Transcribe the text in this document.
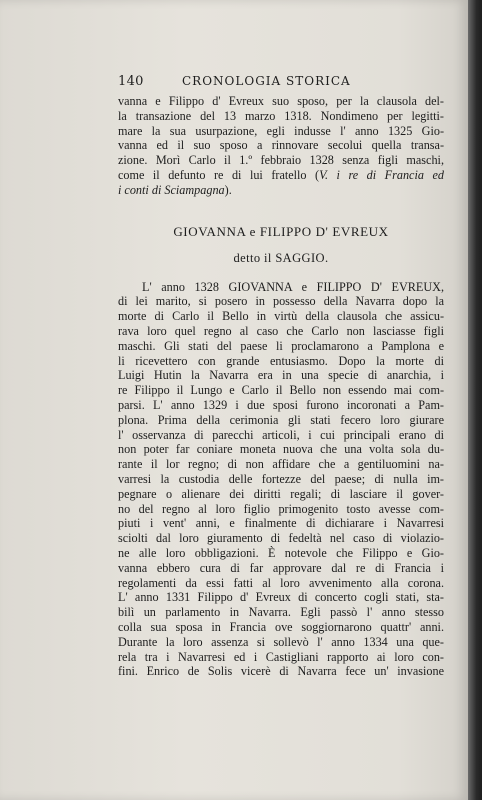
140	CRONOLOGIA STORICA
vanna e Filippo d' Evreux suo sposo, per la clausola del-
la transazione del 13 marzo 1318. Nondimeno per legitti-
mare la sua usurpazione, egli indusse l' anno 1325 Gio-
vanna ed il suo sposo a rinnovare secolui quella transa-
zione. Morì Carlo il 1.º febbraio 1328 senza figli maschi,
come il defunto re di lui fratello (V. i re di Francia ed
i conti di Sciampagna).
GIOVANNA e FILIPPO D' EVREUX
detto il SAGGIO.
L' anno 1328 GIOVANNA e FILIPPO D' EVREUX,
di lei marito, si posero in possesso della Navarra dopo la
morte di Carlo il Bello in virtù della clausola che assicu-
rava loro quel regno al caso che Carlo non lasciasse figli
maschi. Gli stati del paese li proclamarono a Pamplona e
li ricevettero con grande entusiasmo. Dopo la morte di
Luigi Hutin la Navarra era in una specie di anarchia, i
re Filippo il Lungo e Carlo il Bello non essendo mai com-
parsi. L' anno 1329 i due sposi furono incoronati a Pam-
plona. Prima della cerimonia gli stati fecero loro giurare
l' osservanza di parecchi articoli, i cui principali erano di
non poter far coniare moneta nuova che una volta sola du-
rante il lor regno; di non affidare che a gentiluomini na-
varresi la custodia delle fortezze del paese; di nulla im-
pegnare o alienare dei diritti regali; di lasciare il gover-
no del regno al loro figlio primogenito tosto avesse com-
piuti i vent' anni, e finalmente di dichiarare i Navarresi
sciolti dal loro giuramento di fedeltà nel caso di violazio-
ne alle loro obbligazioni. È notevole che Filippo e Gio-
vanna ebbero cura di far approvare dal re di Francia i
regolamenti da essi fatti al loro avvenimento alla corona.
L' anno 1331 Filippo d' Evreux di concerto cogli stati, sta-
bilì un parlamento in Navarra. Egli passò l' anno stesso
colla sua sposa in Francia ove soggiornarono quattr' anni.
Durante la loro assenza si sollevò l' anno 1334 una que-
rela tra i Navarresi ed i Castigliani rapporto ai loro con-
fini. Enrico de Solis vicerè di Navarra fece un' invasione
